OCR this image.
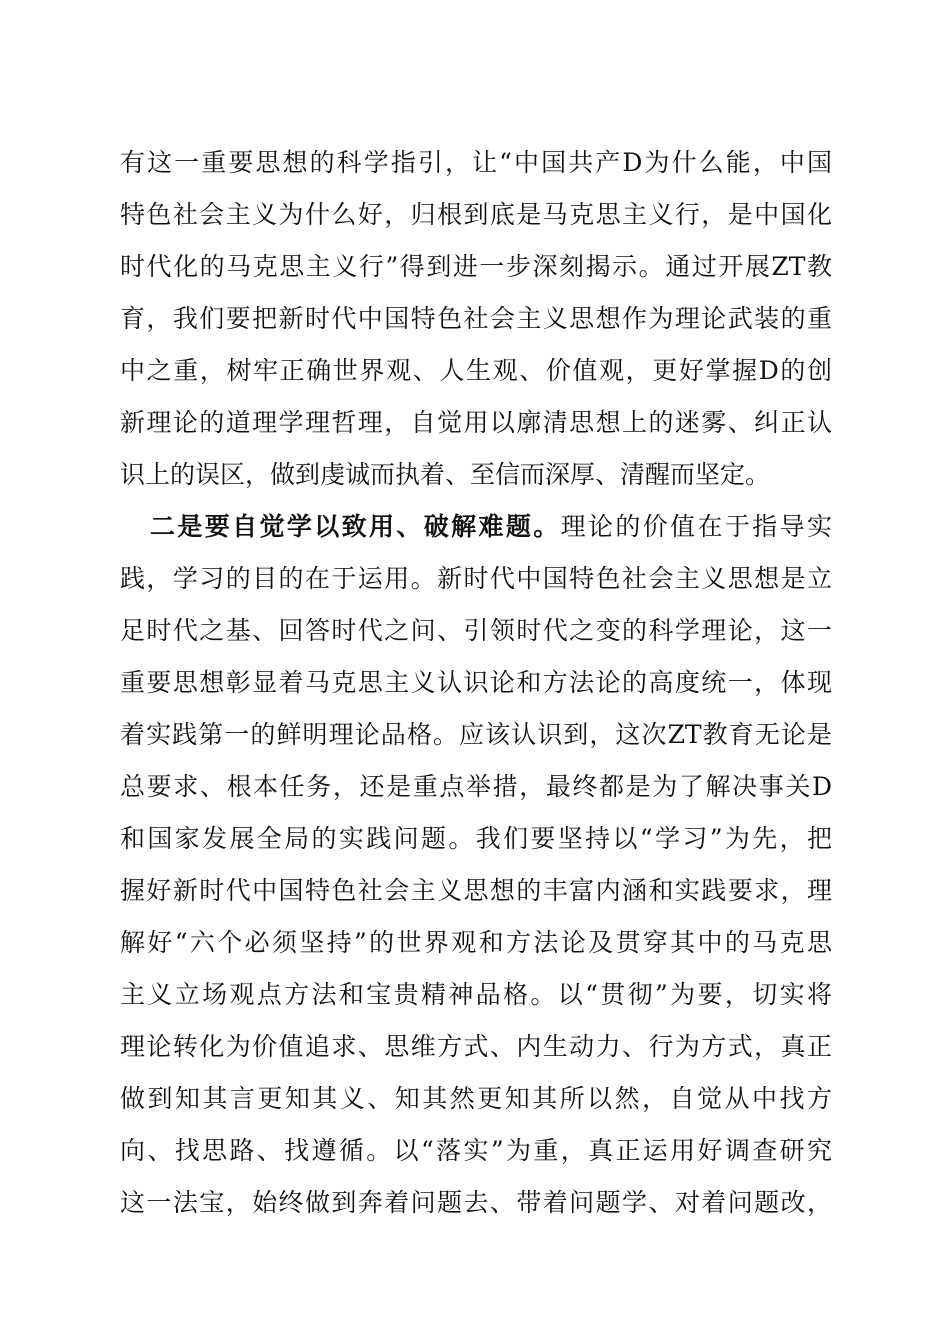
有这一重要思想的科学指引，让“中国共产D为什么能，中国
特色社会主义为什么好，归根到底是马克思主义行，是中国化
时代化的马克思主义行”得到进一步深刻揭示。通过开展ZT教
育，我们要把新时代中国特色社会主义思想作为理论武装的重
中之重，树牢正确世界观、人生观、价值观，更好掌握D的创
新理论的道理学理哲理，自觉用以廓清思想上的迷雾、纠正认
识上的误区，做到虔诚而执着、至信而深厚、清醒而坚定。
二是要自觉学以致用、破解难题。理论的价值在于指导实
践，学习的目的在于运用。新时代中国特色社会主义思想是立
足时代之基、回答时代之问、引领时代之变的科学理论，这一
重要思想彰显着马克思主义认识论和方法论的高度统一，体现
着实践第一的鲜明理论品格。应该认识到，这次ZT教育无论是
总要求、根本任务，还是重点举措，最终都是为了解决事关D
和国家发展全局的实践问题。我们要坚持以“学习”为先，把
握好新时代中国特色社会主义思想的丰富内涵和实践要求，理
解好“六个必须坚持”的世界观和方法论及贯穿其中的马克思
主义立场观点方法和宝贵精神品格。以“贯彻”为要，切实将
理论转化为价值追求、思维方式、内生动力、行为方式，真正
做到知其言更知其义、知其然更知其所以然，自觉从中找方
向、找思路、找遵循。以“落实”为重，真正运用好调查研究
这一法宝，始终做到奔着问题去、带着问题学、对着问题改，
